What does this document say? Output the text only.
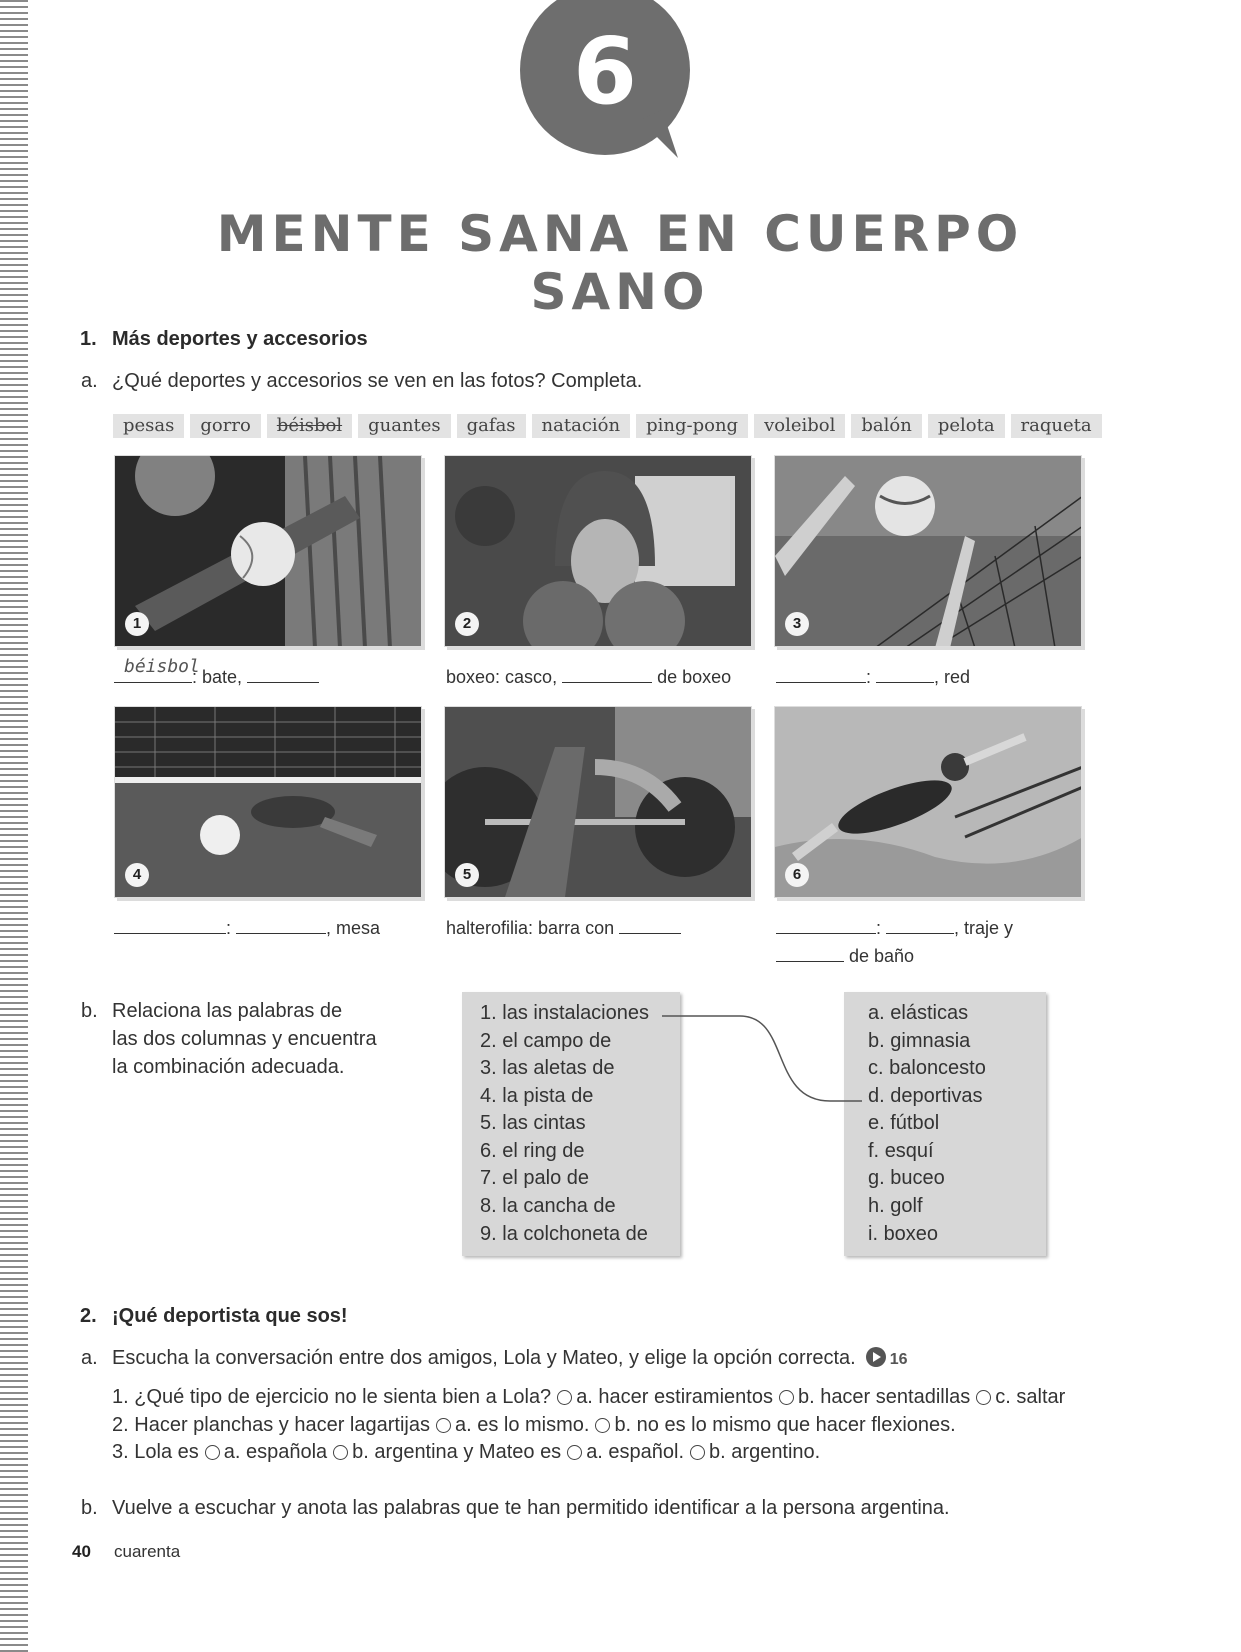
6
MENTE SANA EN CUERPO SANO
1. Más deportes y accesorios
a. ¿Qué deportes y accesorios se ven en las fotos? Completa.
pesas	gorro	béisbol	guantes	gafas	natación	ping-pong	voleibol	balón	pelota	raqueta
1	2	3
: bate,
béisbol	boxeo: casco,	de boxeo	:	, red
4	5	6
:	, mesa	halterofilia: barra con	:	, traje y
de baño
b. Relaciona las palabras de
las dos columnas y encuentra
la combinación adecuada.
1. las instalaciones
2. el campo de
3. las aletas de
4. la pista de
5. las cintas
6. el ring de
7. el palo de
8. la cancha de
9. la colchoneta de
a. elásticas
b. gimnasia
c. baloncesto
d. deportivas
e. fútbol
f. esquí
g. buceo
h. golf
i. boxeo
2. ¡Qué deportista que sos!
a. Escucha la conversación entre dos amigos, Lola y Mateo, y elige la opción correcta. 16
1. ¿Qué tipo de ejercicio no le sienta bien a Lola? a. hacer estiramientos b. hacer sentadillas c. saltar
2. Hacer planchas y hacer lagartijas a. es lo mismo. b. no es lo mismo que hacer flexiones.
3. Lola es a. española b. argentina y Mateo es a. español. b. argentino.
b. Vuelve a escuchar y anota las palabras que te han permitido identificar a la persona argentina.
40 cuarenta
